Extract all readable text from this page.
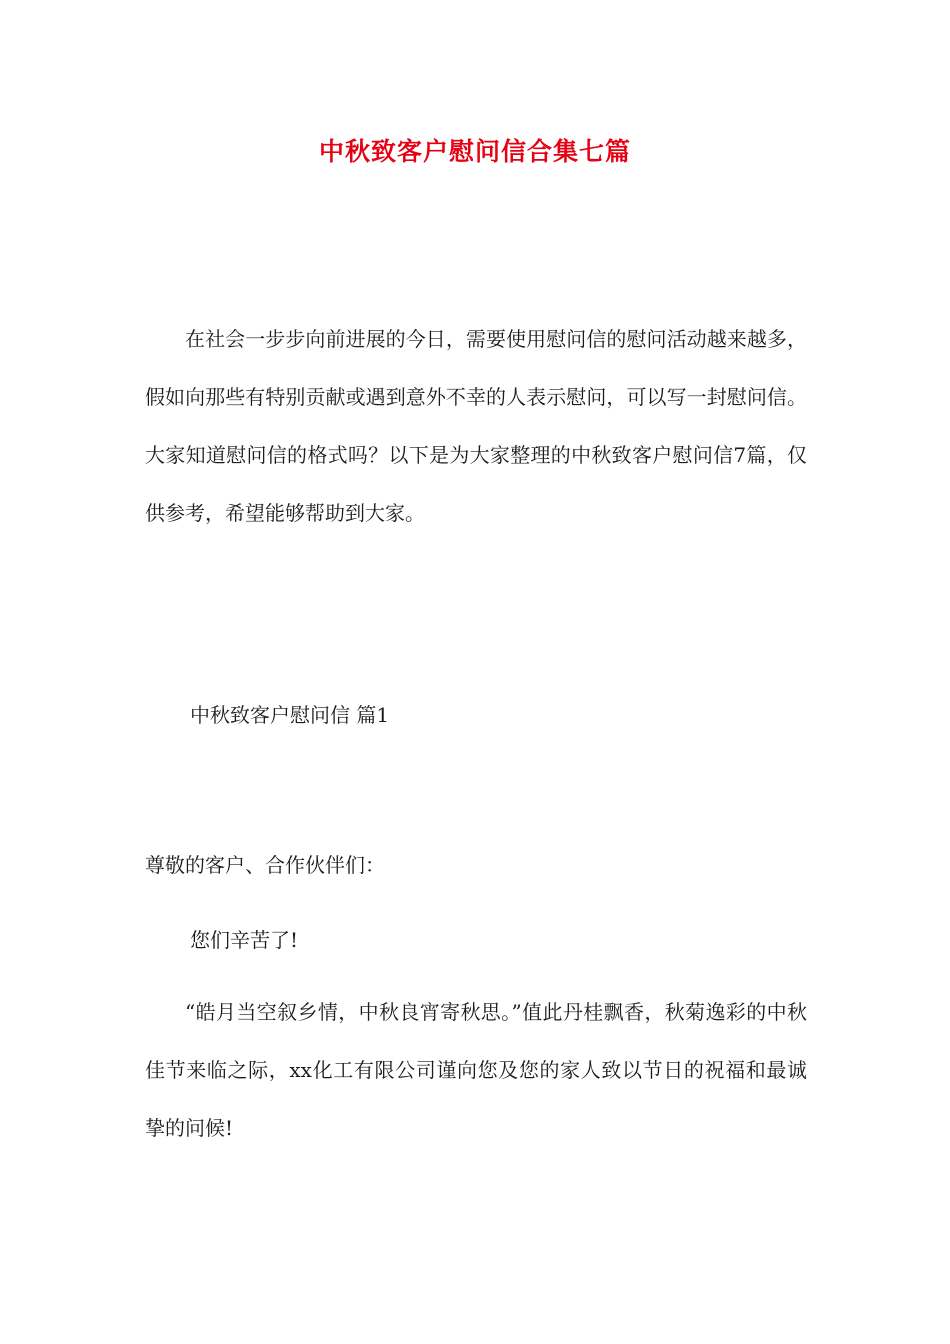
中秋致客户慰问信合集七篇

在社会一步步向前进展的今日，需要使用慰问信的慰问活动越来越多，假如向那些有特别贡献或遇到意外不幸的人表示慰问，可以写一封慰问信。大家知道慰问信的格式吗？以下是为大家整理的中秋致客户慰问信7篇，仅供参考，希望能够帮助到大家。

中秋致客户慰问信 篇1

尊敬的客户、合作伙伴们：

您们辛苦了!

“皓月当空叙乡情，中秋良宵寄秋思。”值此丹桂飘香，秋菊逸彩的中秋佳节来临之际，xx化工有限公司谨向您及您的家人致以节日的祝福和最诚挚的问候!
